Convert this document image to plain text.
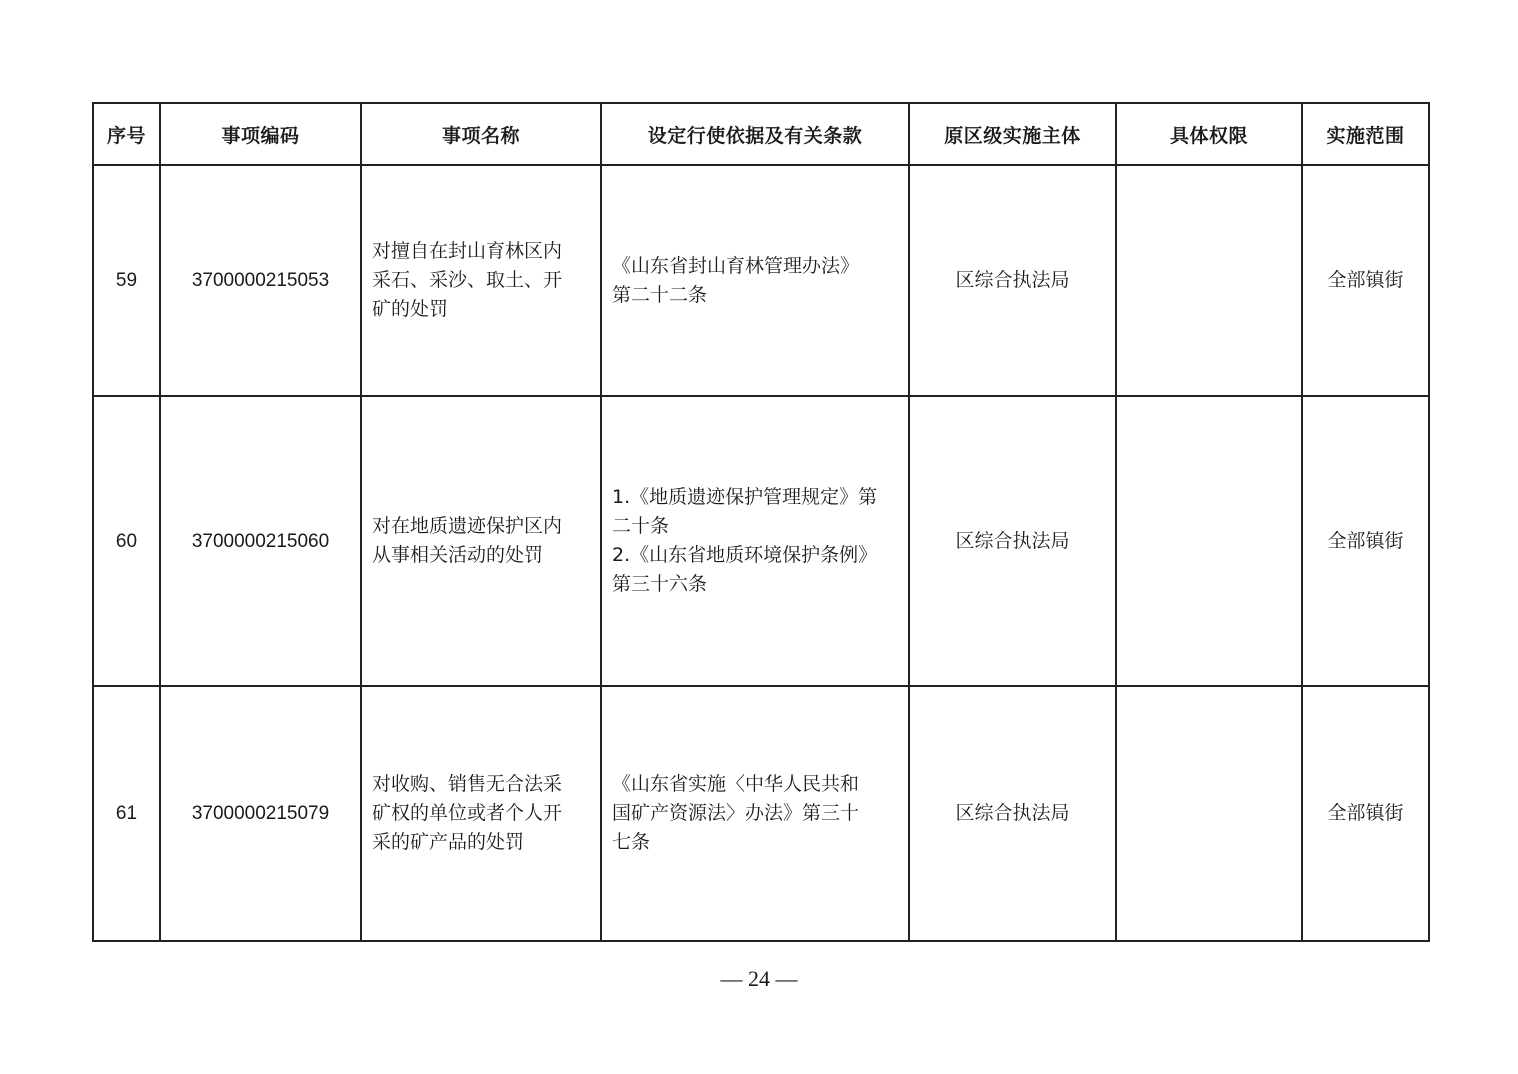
序号	事项编码	事项名称	设定行使依据及有关条款	原区级实施主体	具体权限	实施范围
59	3700000215053	对擅自在封山育林区内
采石、采沙、取土、开
矿的处罚	《山东省封山育林管理办法》
第二十二条	区综合执法局		全部镇街
60	3700000215060	对在地质遗迹保护区内
从事相关活动的处罚	1.《地质遗迹保护管理规定》第
二十条
2.《山东省地质环境保护条例》
第三十六条	区综合执法局		全部镇街
61	3700000215079	对收购、销售无合法采
矿权的单位或者个人开
采的矿产品的处罚	《山东省实施〈中华人民共和
国矿产资源法〉办法》第三十
七条	区综合执法局		全部镇街
— 24 —
